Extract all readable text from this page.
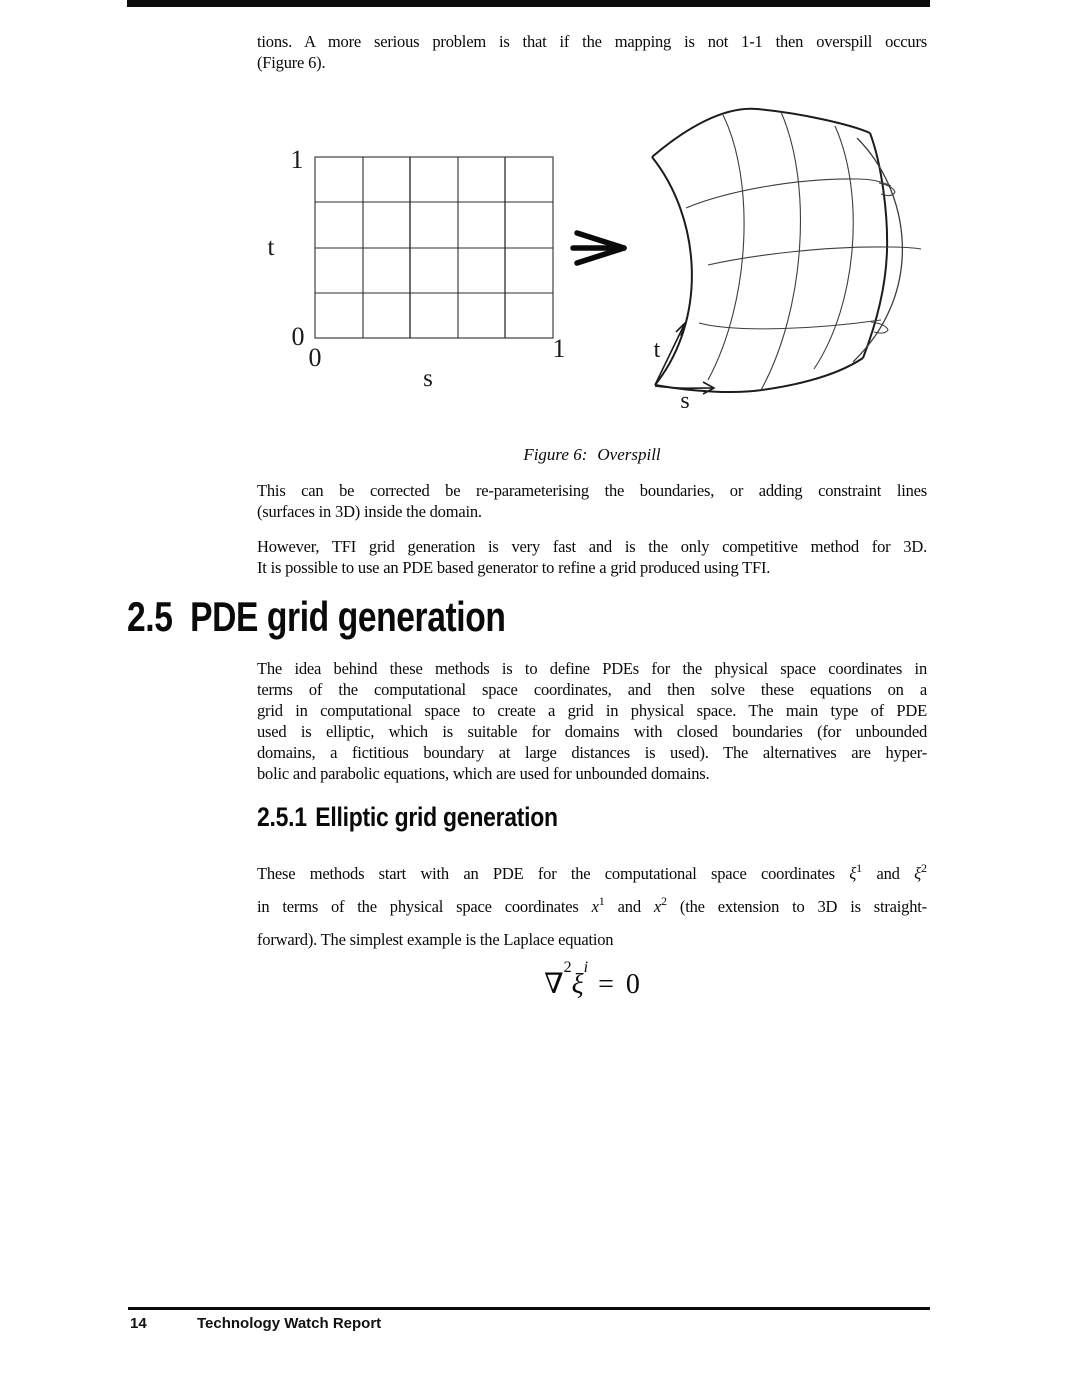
tions. A more serious problem is that if the mapping is not 1-1 then overspill occurs
(Figure 6).
1
t
0
0	1
s
t
s
Figure 6: Overspill
This can be corrected be re-parameterising the boundaries, or adding constraint lines
(surfaces in 3D) inside the domain.
However, TFI grid generation is very fast and is the only competitive method for 3D.
It is possible to use an PDE based generator to refine a grid produced using TFI.
2.5 PDE grid generation
The idea behind these methods is to define PDEs for the physical space coordinates in
terms of the computational space coordinates, and then solve these equations on a
grid in computational space to create a grid in physical space. The main type of PDE
used is elliptic, which is suitable for domains with closed boundaries (for unbounded
domains, a fictitious boundary at large distances is used). The alternatives are hyper-
bolic and parabolic equations, which are used for unbounded domains.
2.5.1 Elliptic grid generation
These methods start with an PDE for the computational space coordinates $\xi^1$ and $\xi^2$
in terms of the physical space coordinates $x^1$ and $x^2$ (the extension to 3D is straight-
forward). The simplest example is the Laplace equation
$\nabla^2\xi^i= 0$
14	Technology Watch Report
